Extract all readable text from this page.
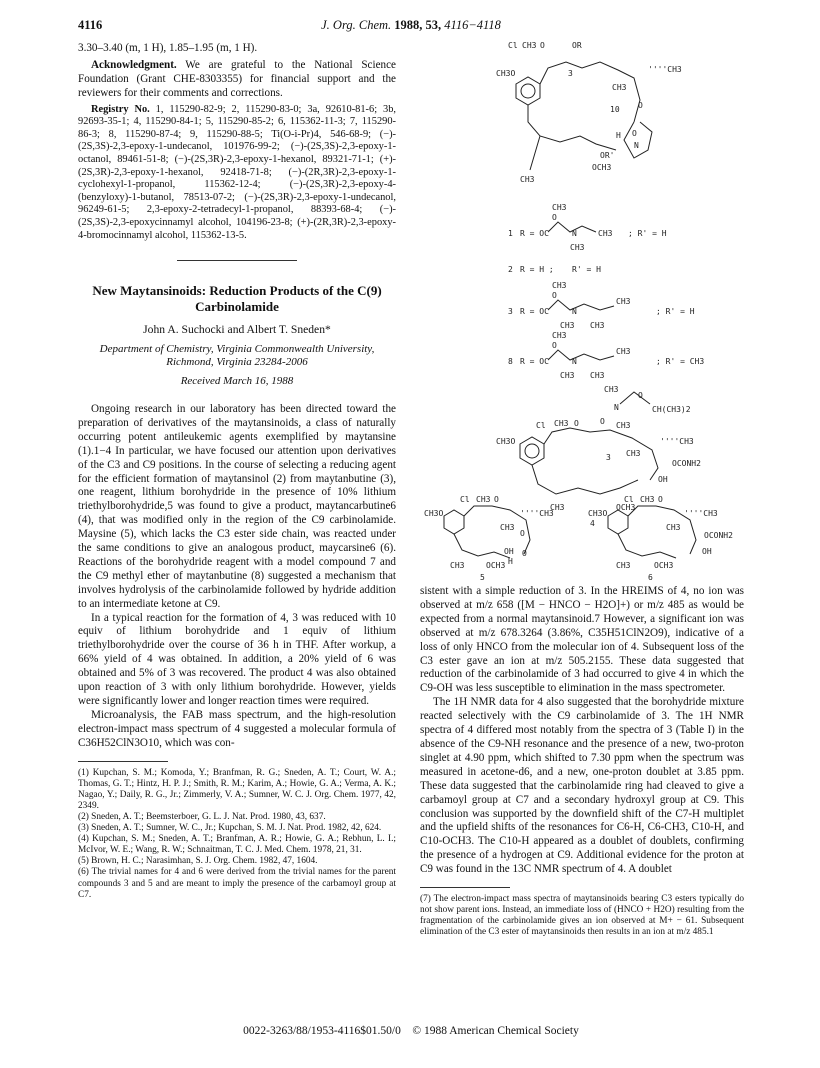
4116	J. Org. Chem. 1988, 53, 4116−4118

3.30–3.40 (m, 1 H), 1.85–1.95 (m, 1 H).

Acknowledgment. We are grateful to the National Science Foundation (Grant CHE-8303355) for financial support and the reviewers for their comments and corrections.

Registry No. 1, 115290-82-9; 2, 115290-83-0; 3a, 92610-81-6; 3b, 92693-35-1; 4, 115290-84-1; 5, 115290-85-2; 6, 115362-11-3; 7, 115290-86-3; 8, 115290-87-4; 9, 115290-88-5; Ti(O-i-Pr)4, 546-68-9; (−)-(2S,3S)-2,3-epoxy-1-undecanol, 101976-99-2; (−)-(2S,3S)-2,3-epoxy-1-octanol, 89461-51-8; (−)-(2S,3R)-2,3-epoxy-1-hexanol, 89321-71-1; (+)-(2S,3R)-2,3-epoxy-1-hexanol, 92418-71-8; (−)-(2R,3R)-2,3-epoxy-1-cyclohexyl-1-propanol, 115362-12-4; (−)-(2S,3R)-2,3-epoxy-4-(benzyloxy)-1-butanol, 78513-07-2; (−)-(2S,3R)-2,3-epoxy-1-undecanol, 96249-61-5; 2,3-epoxy-2-tetradecyl-1-propanol, 88393-68-4; (−)-(2S,3S)-2,3-epoxycinnamyl alcohol, 104196-23-8; (+)-(2R,3R)-2,3-epoxy-4-bromocinnamyl alcohol, 115362-13-5.

New Maytansinoids: Reduction Products of the C(9) Carbinolamide
John A. Suchocki and Albert T. Sneden*
Department of Chemistry, Virginia Commonwealth University, Richmond, Virginia 23284-2006
Received March 16, 1988

Ongoing research in our laboratory has been directed toward the preparation of derivatives of the maytansinoids, a class of naturally occurring potent antileukemic agents exemplified by maytansine (1).1−4 In particular, we have focused our attention upon derivatives of the C3 and C9 positions. In the course of selecting a reducing agent for the efficient formation of maytansinol (2) from maytanbutine (3), one reagent, lithium borohydride in the presence of 10% lithium triethylborohydride,5 was found to give a product, maytancarbutine6 (4), that was modified only in the region of the C9 carbinolamide. Maysine (5), which lacks the C3 ester side chain, was reacted under the same conditions to give an analogous product, maycarsine6 (6). Reactions of the borohydride reagent with a model compound 7 and the C9 methyl ether of maytanbutine (8) suggested a mechanism that involves hydrolysis of the carbinolamide followed by hydride addition to an intermediate ketone at C9.

In a typical reaction for the formation of 4, 3 was reduced with 10 equiv of lithium borohydride and 1 equiv of lithium triethylborohydride over the course of 36 h in THF. After workup, a 66% yield of 4 was obtained. In addition, a 20% yield of 6 was obtained and 5% of 3 was recovered. The product 4 was also obtained upon reaction of 3 with only lithium borohydride. However, yields were significantly lower and longer reaction times were required.

Microanalysis, the FAB mass spectrum, and the high-resolution electron-impact mass spectrum of 4 suggested a molecular formula of C36H52ClN3O10, which was con-

(1) Kupchan, S. M.; Komoda, Y.; Branfman, R. G.; Sneden, A. T.; Court, W. A.; Thomas, G. T.; Hintz, H. P. J.; Smith, R. M.; Karim, A.; Howie, G. A.; Verma, A. K.; Nagao, Y.; Daily, R. G., Jr.; Zimmerly, V. A.; Sumner, W. C. J. Org. Chem. 1977, 42, 2349.

(2) Sneden, A. T.; Beemsterboer, G. L. J. Nat. Prod. 1980, 43, 637.

(3) Sneden, A. T.; Sumner, W. C., Jr.; Kupchan, S. M. J. Nat. Prod. 1982, 42, 624.

(4) Kupchan, S. M.; Sneden, A. T.; Branfman, A. R.; Howie, G. A.; Rebhun, L. I.; McIvor, W. E.; Wang, R. W.; Schnaitman, T. C. J. Med. Chem. 1978, 21, 31.

(5) Brown, H. C.; Narasimhan, S. J. Org. Chem. 1982, 47, 1604.

(6) The trivial names for 4 and 6 were derived from the trivial names for the parent compounds 3 and 5 and are meant to imply the presence of the carbamoyl group at C7.

Cl CH3 O	OR
CH3O	''''CH3
CH3
3
10 O
O
H
N
OR'
OCH3
CH3
1 R = OC
CH3
O
N	CH3 ; R' = H
CH3
2 R = H ; R' = H
3 R = OC
CH3
O
N
CH3
; R' = H
CH3 CH3
8 R = OC
CH3
O
N
CH3
; R' = CH3
CH3 CH3
CH3
O
N	CH(CH3)2
Cl CH3 O	O CH3
CH3O	''''CH3
CH3
3
OCONH2
OH
CH3	OCH3
4
Cl CH3 O
CH3O	''''CH3
CH3
O
O
OH
H
CH3	OCH3
5
Cl CH3 O
CH3O	''''CH3
CH3
OCONH2
OH
CH3	OCH3
6

sistent with a simple reduction of 3. In the HREIMS of 4, no ion was observed at m/z 658 ([M − HNCO − H2O]+) or m/z 485 as would be expected from a normal maytansinoid.7 However, a significant ion was observed at m/z 678.3264 (3.86%, C35H51ClN2O9), indicative of a loss of only HNCO from the molecular ion of 4. Subsequent loss of the C3 ester gave an ion at m/z 505.2155. These data suggested that reduction of the carbinolamide of 3 had occurred to give 4 in which the C9-OH was less susceptible to elimination in the mass spectrometer.

The 1H NMR data for 4 also suggested that the borohydride mixture reacted selectively with the C9 carbinolamide of 3. The 1H NMR spectra of 4 differed most notably from the spectra of 3 (Table I) in the absence of the C9-NH resonance and the presence of a new, two-proton singlet at 4.90 ppm, which shifted to 7.30 ppm when the spectrum was measured in acetone-d6, and a new, one-proton doublet at 3.85 ppm. These data suggested that the carbinolamide ring had cleaved to give a carbamoyl group at C7 and a secondary hydroxyl group at C9. This conclusion was supported by the downfield shift of the C7-H multiplet and the upfield shifts of the resonances for C6-H, C6-CH3, C10-H, and C10-OCH3. The C10-H appeared as a doublet of doublets, confirming the presence of a hydrogen at C9. Additional evidence for the proton at C9 was found in the 13C NMR spectrum of 4. A doublet

(7) The electron-impact mass spectra of maytansinoids bearing C3 esters typically do not show parent ions. Instead, an immediate loss of (HNCO + H2O) resulting from the fragmentation of the carbinolamide gives an ion observed at M+ − 61. Subsequent elimination of the C3 ester of maytansinoids then results in an ion at m/z 485.1

0022-3263/88/1953-4116$01.50/0 © 1988 American Chemical Society
